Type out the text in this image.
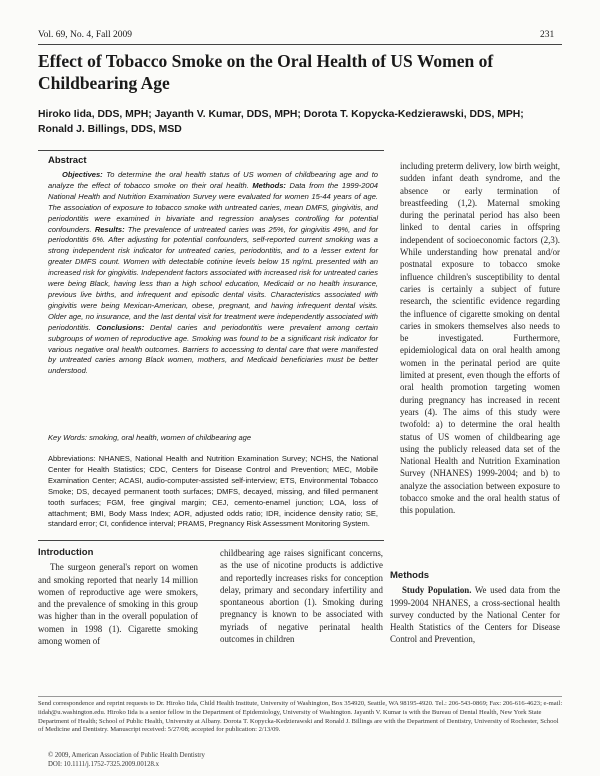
Vol. 69, No. 4, Fall 2009	231
Effect of Tobacco Smoke on the Oral Health of US Women of Childbearing Age
Hiroko Iida, DDS, MPH; Jayanth V. Kumar, DDS, MPH; Dorota T. Kopycka-Kedzierawski, DDS, MPH; Ronald J. Billings, DDS, MSD
Abstract

Objectives: To determine the oral health status of US women of childbearing age and to analyze the effect of tobacco smoke on their oral health. Methods: Data from the 1999-2004 National Health and Nutrition Examination Survey were evaluated for women 15-44 years of age. The association of exposure to tobacco smoke with untreated caries, mean DMFS, gingivitis, and periodontitis were examined in bivariate and regression analyses controlling for potential confounders. Results: The prevalence of untreated caries was 25%, for gingivitis 49%, and for periodontitis 6%. After adjusting for potential confounders, self-reported current smoking was a strong independent risk indicator for untreated caries, periodontitis, and to a lesser extent for greater DMFS count. Women with detectable cotinine levels below 15 ng/mL presented with an increased risk for gingivitis. Independent factors associated with increased risk for untreated caries were being Black, having less than a high school education, Medicaid or no health insurance, previous live births, and infrequent and episodic dental visits. Characteristics associated with gingivitis were being Mexican-American, obese, pregnant, and having infrequent dental visits. Older age, no insurance, and the last dental visit for treatment were independently associated with periodontitis. Conclusions: Dental caries and periodontitis were prevalent among certain subgroups of women of reproductive age. Smoking was found to be a significant risk indicator for various negative oral health outcomes. Barriers to accessing to dental care that were manifested by untreated caries among Black women, mothers, and Medicaid beneficiaries must be better understood.

Key Words: smoking, oral health, women of childbearing age
Abbreviations: NHANES, National Health and Nutrition Examination Survey; NCHS, the National Center for Health Statistics; CDC, Centers for Disease Control and Prevention; MEC, Mobile Examination Center; ACASI, audio-computer-assisted self-interview; ETS, Environmental Tobacco Smoke; DS, decayed permanent tooth surfaces; DMFS, decayed, missing, and filled permanent tooth surfaces; FGM, free gingival margin; CEJ, cemento-enamel junction; LOA, loss of attachment; BMI, Body Mass Index; AOR, adjusted odds ratio; IDR, incidence density ratio; SE, standard error; CI, confidence interval; PRAMS, Pregnancy Risk Assessment Monitoring System.
including preterm delivery, low birth weight, sudden infant death syndrome, and the absence or early termination of breastfeeding (1,2). Maternal smoking during the perinatal period has also been linked to dental caries in offspring independent of socioeconomic factors (2,3). While understanding how prenatal and/or postnatal exposure to tobacco smoke influence children's susceptibility to dental caries is certainly a subject of future research, the scientific evidence regarding the influence of cigarette smoking on dental caries in smokers themselves also needs to be investigated. Furthermore, epidemiological data on oral health among women in the perinatal period are quite limited at present, even though the efforts of oral health promotion targeting women during pregnancy has increased in recent years (4). The aims of this study were twofold: a) to determine the oral health status of US women of childbearing age using the publicly released data set of the National Health and Nutrition Examination Survey (NHANES) 1999-2004; and b) to analyze the association between exposure to tobacco smoke and the oral health status of this population.
Introduction

The surgeon general's report on women and smoking reported that nearly 14 million women of reproductive age were smokers, and the prevalence of smoking in this group was higher than in the overall population of women in 1998 (1). Cigarette smoking among women of

childbearing age raises significant concerns, as the use of nicotine products is addictive and reportedly increases risks for conception delay, primary and secondary infertility and spontaneous abortion (1). Smoking during pregnancy is known to be associated with myriads of negative perinatal health outcomes in children
Methods

Study Population. We used data from the 1999-2004 NHANES, a cross-sectional health survey conducted by the National Center for Health Statistics of the Centers for Disease Control and Prevention,

Send correspondence and reprint requests to Dr. Hiroko Iida, Child Health Institute, University of Washington, Box 354920, Seattle, WA 98195-4920. Tel.: 206-543-0869; Fax: 206-616-4623; e-mail: iidah@u.washington.edu. Hiroko Iida is a senior fellow in the Department of Epidemiology, University of Washington. Jayanth V. Kumar is with the Bureau of Dental Health, New York State Department of Health; School of Public Health, University at Albany. Dorota T. Kopycka-Kedzierawski and Ronald J. Billings are with the Department of Dentistry, University of Rochester, School of Medicine and Dentistry. Manuscript received: 5/27/08; accepted for publication: 2/13/09.
© 2009, American Association of Public Health Dentistry
DOI: 10.1111/j.1752-7325.2009.00128.x
